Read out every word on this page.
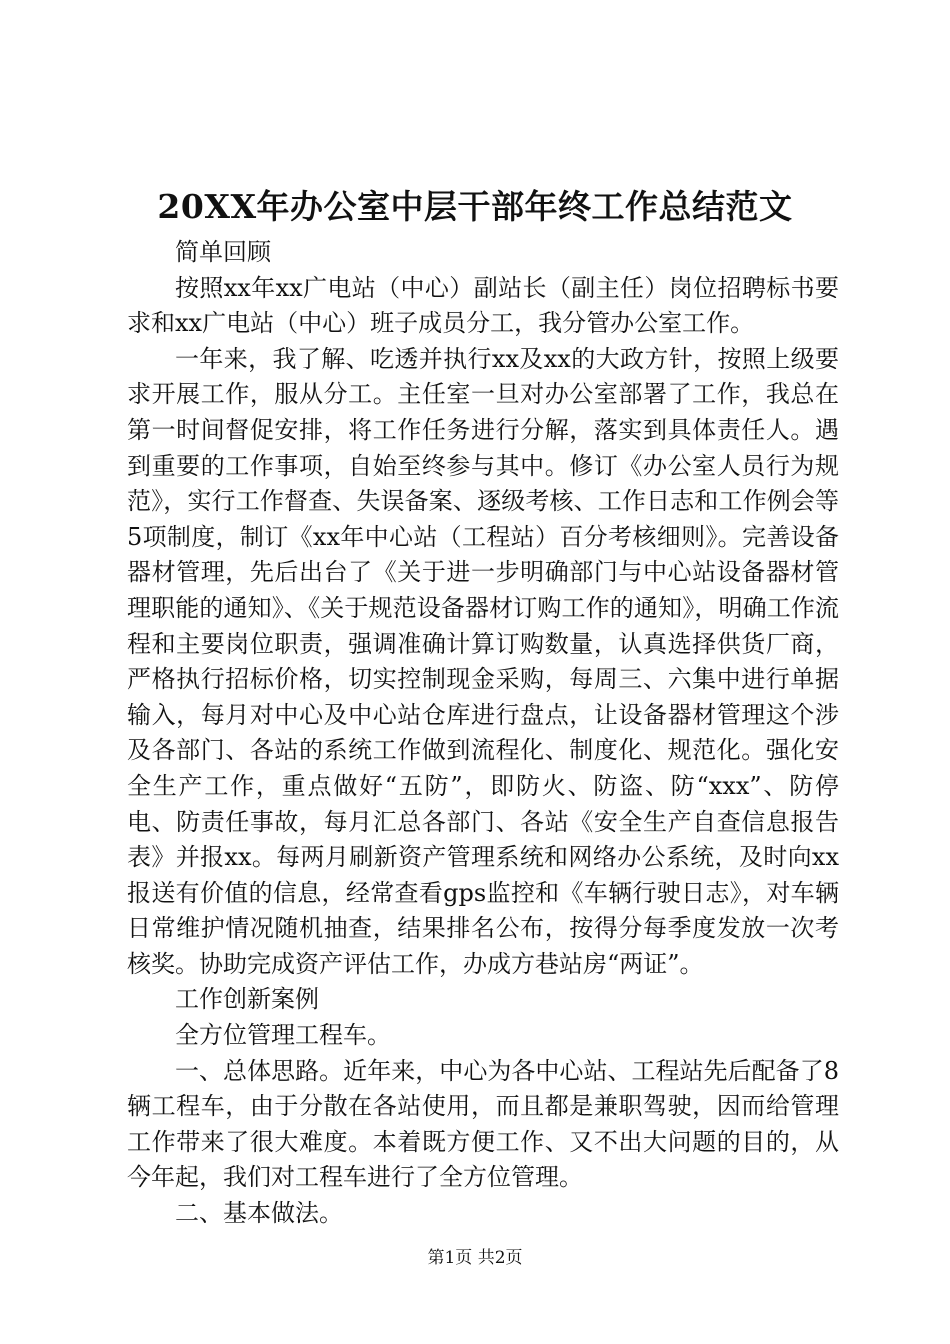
20XX年办公室中层干部年终工作总结范文

简单回顾

按照xx年xx广电站（中心）副站长（副主任）岗位招聘标书要求和xx广电站（中心）班子成员分工，我分管办公室工作。

一年来，我了解、吃透并执行xx及xx的大政方针，按照上级要求开展工作，服从分工。主任室一旦对办公室部署了工作，我总在第一时间督促安排，将工作任务进行分解，落实到具体责任人。遇到重要的工作事项，自始至终参与其中。修订《办公室人员行为规范》，实行工作督查、失误备案、逐级考核、工作日志和工作例会等5项制度，制订《xx年中心站（工程站）百分考核细则》。完善设备器材管理，先后出台了《关于进一步明确部门与中心站设备器材管理职能的通知》、《关于规范设备器材订购工作的通知》，明确工作流程和主要岗位职责，强调准确计算订购数量，认真选择供货厂商，严格执行招标价格，切实控制现金采购，每周三、六集中进行单据输入，每月对中心及中心站仓库进行盘点，让设备器材管理这个涉及各部门、各站的系统工作做到流程化、制度化、规范化。强化安全生产工作，重点做好“五防”，即防火、防盗、防“xxx”、防停电、防责任事故，每月汇总各部门、各站《安全生产自查信息报告表》并报xx。每两月刷新资产管理系统和网络办公系统，及时向xx报送有价值的信息，经常查看gps监控和《车辆行驶日志》，对车辆日常维护情况随机抽查，结果排名公布，按得分每季度发放一次考核奖。协助完成资产评估工作，办成方巷站房“两证”。

工作创新案例

全方位管理工程车。

一、总体思路。近年来，中心为各中心站、工程站先后配备了8辆工程车，由于分散在各站使用，而且都是兼职驾驶，因而给管理工作带来了很大难度。本着既方便工作、又不出大问题的目的，从今年起，我们对工程车进行了全方位管理。

二、基本做法。

第1页 共2页
